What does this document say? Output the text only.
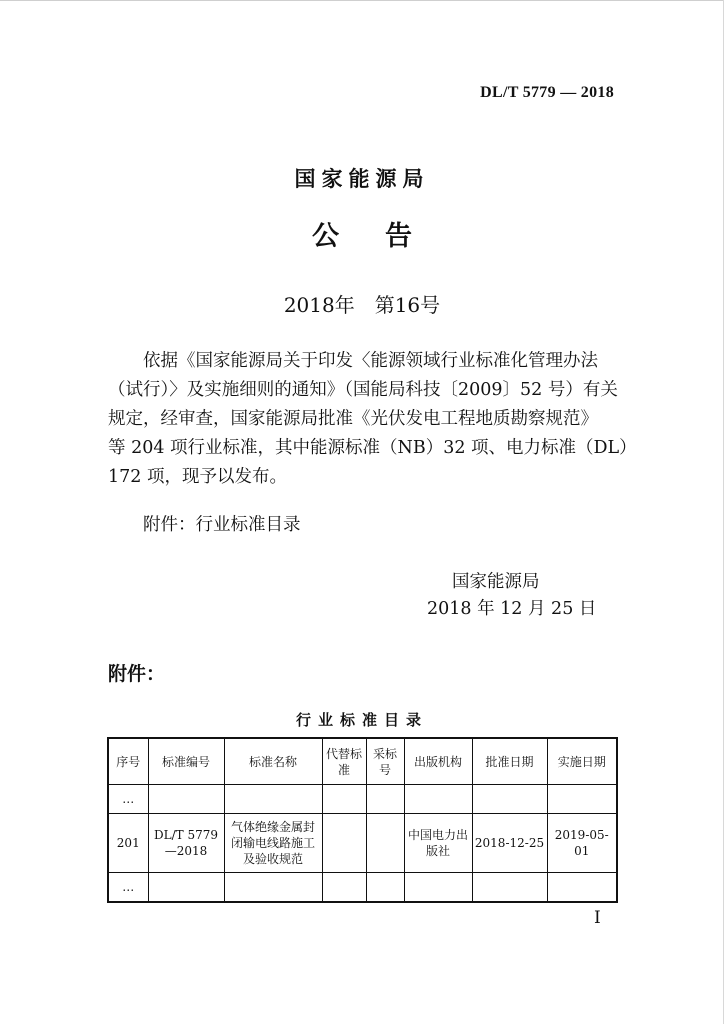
DL/T 5779 — 2018
国家能源局
公告
2018年　第16号
依据《国家能源局关于印发〈能源领域行业标准化管理办法
（试行）〉及实施细则的通知》（国能局科技〔2009〕52 号）有关
规定，经审查，国家能源局批准《光伏发电工程地质勘察规范》
等 204 项行业标准，其中能源标准（NB）32 项、电力标准（DL）
172 项，现予以发布。
附件：行业标准目录
国家能源局
2018 年 12 月 25 日
附件：
行业标准目录
序号	标准编号	标准名称	代替标准	采标号	出版机构	批准日期	实施日期
…							
201	DL/T 5779—2018	气体绝缘金属封闭输电线路施工及验收规范			中国电力出版社	2018-12-25	2019-05-01
…							
I
